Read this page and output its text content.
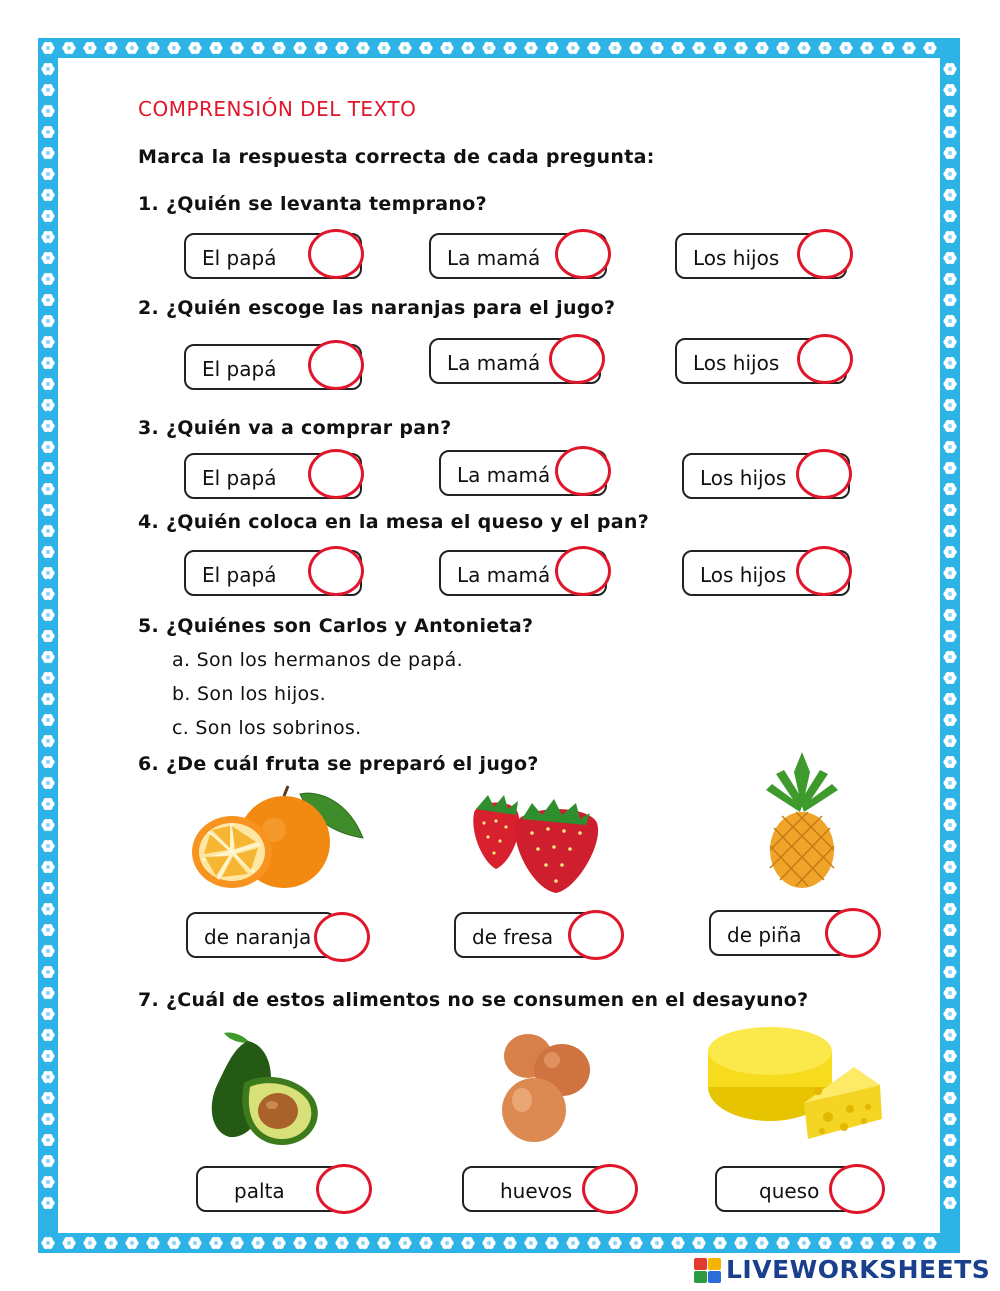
COMPRENSIÓN DEL TEXTO
Marca la respuesta correcta de cada pregunta:
1. ¿Quién se levanta temprano?
El papá	La mamá	Los hijos
2. ¿Quién escoge las naranjas para el jugo?
El papá	La mamá	Los hijos
3. ¿Quién va a comprar pan?
El papá	La mamá	Los hijos
4. ¿Quién coloca en la mesa el queso y el pan?
El papá	La mamá	Los hijos
5. ¿Quiénes son Carlos y Antonieta?
a. Son los hermanos de papá.
b. Son los hijos.
c. Son los sobrinos.
6. ¿De cuál fruta se preparó el jugo?
de naranja	de fresa	de piña
7. ¿Cuál de estos alimentos no se consumen en el desayuno?
palta	huevos	queso
LIVEWORKSHEETS
